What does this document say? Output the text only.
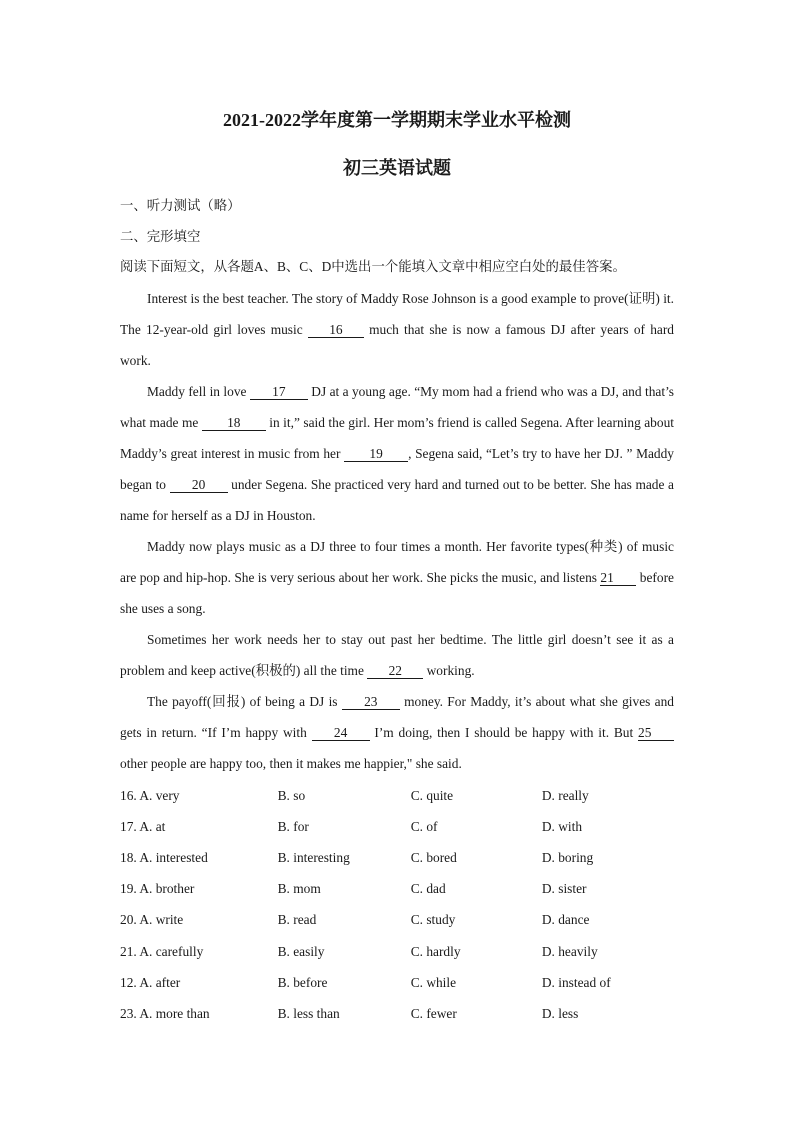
2021-2022学年度第一学期期末学业水平检测
初三英语试题
一、听力测试（略）
二、完形填空
阅读下面短文，从各题A、B、C、D中选出一个能填入文章中相应空白处的最佳答案。

Interest is the best teacher. The story of Maddy Rose Johnson is a good example to prove(证明) it. The 12-year-old girl loves music 16 much that she is now a famous DJ after years of hard work.

Maddy fell in love 17 DJ at a young age. “My mom had a friend who was a DJ, and that’s what made me 18 in it,” said the girl. Her mom’s friend is called Segena. After learning about Maddy’s great interest in music from her 19 , Segena said, “Let’s try to have her DJ. ” Maddy began to 20 under Segena. She practiced very hard and turned out to be better. She has made a name for herself as a DJ in Houston.

Maddy now plays music as a DJ three to four times a month. Her favorite types(种类) of music are pop and hip-hop. She is very serious about her work. She picks the music, and listens 21 before she uses a song.

Sometimes her work needs her to stay out past her bedtime. The little girl doesn’t see it as a problem and keep active(积极的) all the time 22 working.

The payoff(回报) of being a DJ is 23 money. For Maddy, it’s about what she gives and gets in return. “If I’m happy with 24 I’m doing, then I should be happy with it. But 25 other people are happy too, then it makes me happier," she said.

16. A. very	B. so	C. quite	D. really
17. A. at	B. for	C. of	D. with
18. A. interested	B. interesting	C. bored	D. boring
19. A. brother	B. mom	C. dad	D. sister
20. A. write	B. read	C. study	D. dance
21. A. carefully	B. easily	C. hardly	D. heavily
12. A. after	B. before	C. while	D. instead of
23. A. more than	B. less than	C. fewer	D. less
